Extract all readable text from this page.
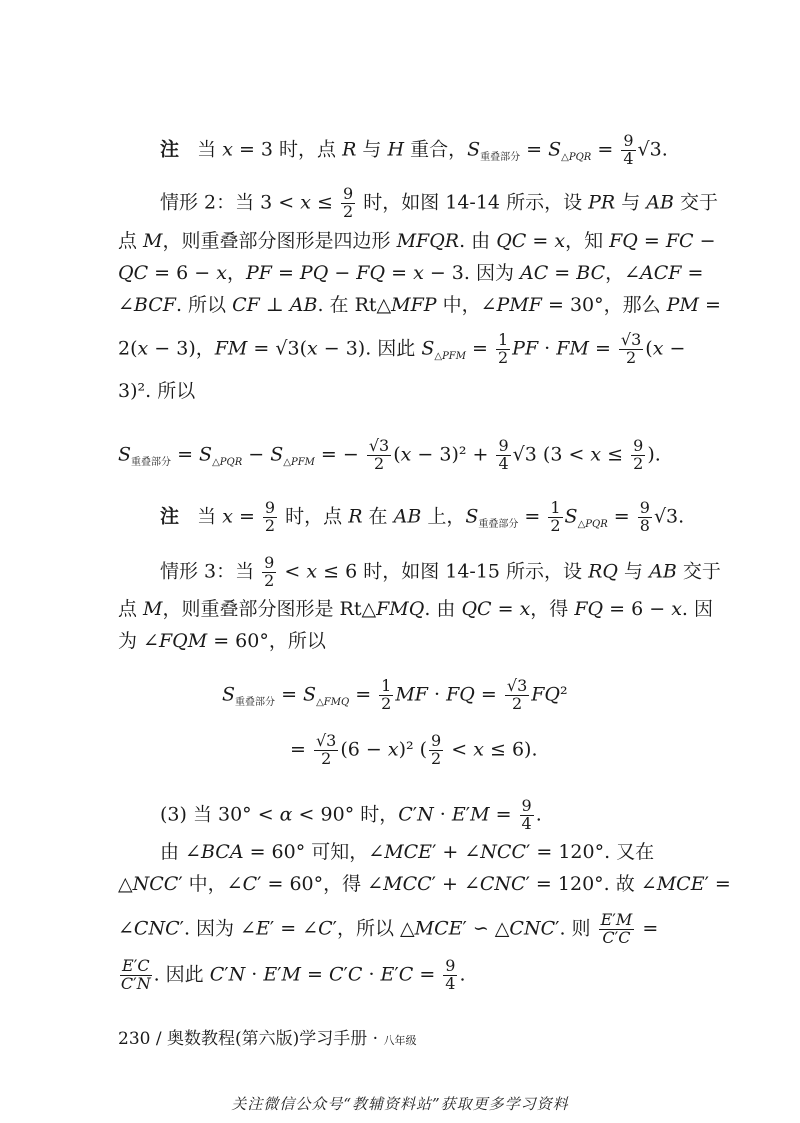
注   当 x = 3 时，点 R 与 H 重合，$S_{重叠部分} = S_{\triangle PQR} = \frac{9}{4} √3$.
情形 2：当 $3 < x \le \frac{9}{2}$ 时，如图 14-14 所示，设 PR 与 AB 交于
点 M，则重叠部分图形是四边形 MFQR. 由 QC = x，知 FQ = FC −
QC = 6 − x，PF = PQ − FQ = x − 3. 因为 AC = BC，∠ACF =
∠BCF. 所以 CF ⊥ AB. 在 Rt△MFP 中，∠PMF = 30°，那么 PM =
2(x − 3)，FM = √3(x − 3). 因此 $S_{\triangle PFM} = \frac{1}{2}$ PF · FM = $\frac{√3}{2} (x$ −
3)². 所以
$S_{重叠部分} = S_{\triangle PQR} - S_{\triangle PFM}$ = − $\frac{√3}{2} (x - 3)^2 + \frac{9}{4} √3$ ($3 < x \le \frac{9}{2}$ ).
注   当 $x = \frac{9}{2}$ 时，点 R 在 AB 上，$S_{重叠部分} = \frac{1}{2} S_{\triangle PQR} = \frac{9}{8} √3$.
情形 3：当 $\frac{9}{2} < x \le 6$ 时，如图 14-15 所示，设 RQ 与 AB 交于
点 M，则重叠部分图形是 Rt△FMQ. 由 QC = x，得 FQ = 6 − x. 因
为 ∠FQM = 60°，所以
$S_{重叠部分} = S_{\triangle FMQ} = \frac{1}{2}$ MF · FQ = $\frac{√3}{2} FQ^2$
= $\frac{√3}{2} (6 - x)^2$ ( $\frac{9}{2} < x \le 6$).
(3) 当 30° < α < 90° 时，$C'N \cdot E'M = \frac{9}{4}$ .
由 ∠BCA = 60° 可知，∠MCE′ + ∠NCC′ = 120°. 又在
△NCC′ 中，∠C′ = 60°，得 ∠MCC′ + ∠CNC′ = 120°. 故 ∠MCE′ =
∠CNC′. 因为 ∠E′ = ∠C′，所以 △MCE′ ∽ △CNC′. 则 $\frac{E'M}{C'C}$ =
$\frac{E'C}{C'N}$ . 因此 $C'N \cdot E'M = C'C \cdot E'C = \frac{9}{4}$ .
230 / 奥数教程(第六版)学习手册 · 八年级
关注微信公众号“教辅资料站”获取更多学习资料
